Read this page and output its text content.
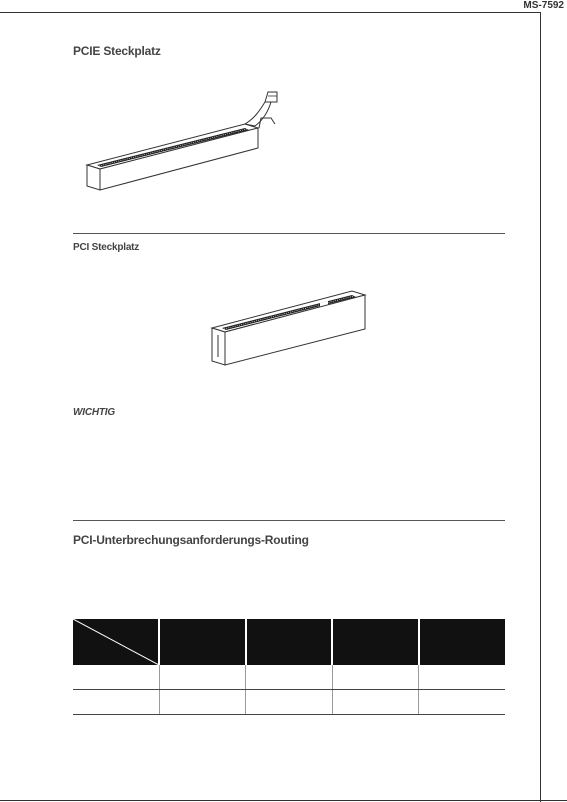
MS-7592
PCIE Steckplatz
PCI Steckplatz
WICHTIG
PCI-Unterbrechungsanforderungs-Routing
